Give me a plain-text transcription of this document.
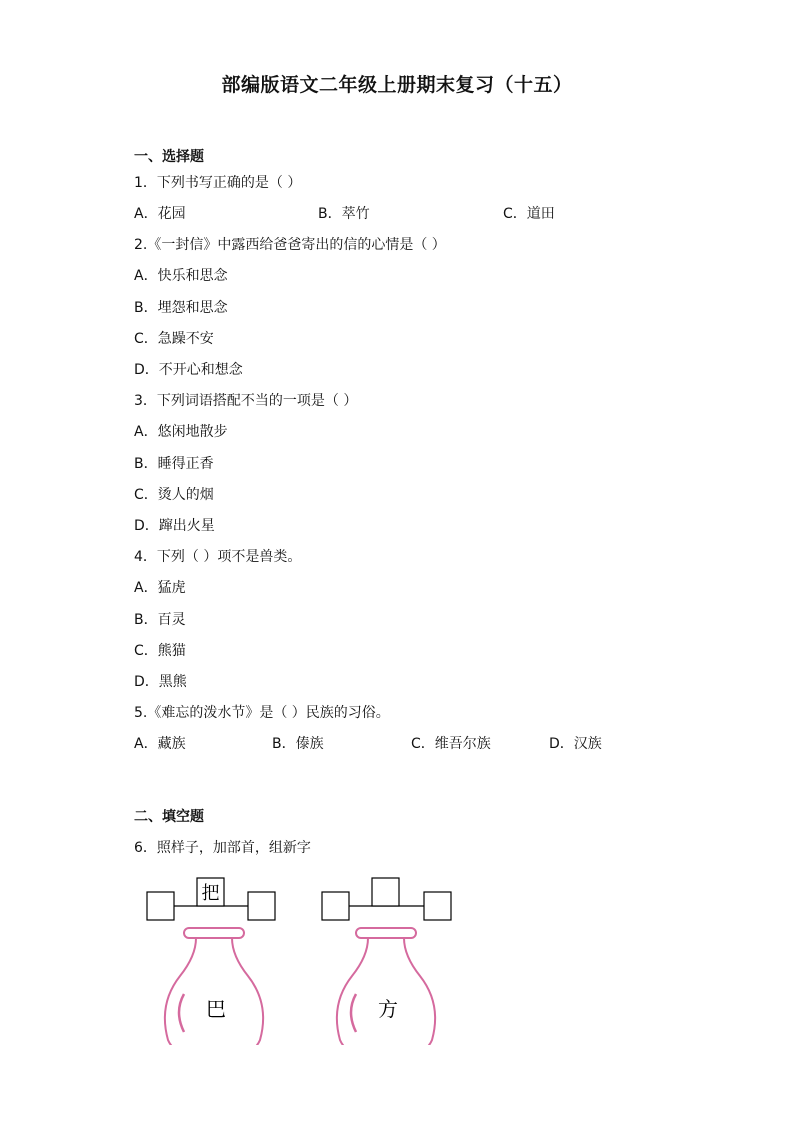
部编版语文二年级上册期末复习（十五）
一、选择题
1．下列书写正确的是（ ）
A．花园	B．萃竹	C．道田
2.《一封信》中露西给爸爸寄出的信的心情是（ ）
A．快乐和思念
B．埋怨和思念
C．急躁不安
D．不开心和想念
3．下列词语搭配不当的一项是（ ）
A．悠闲地散步
B．睡得正香
C．烫人的烟
D．蹿出火星
4．下列（ ）项不是兽类。
A．猛虎
B．百灵
C．熊猫
D．黑熊
5.《难忘的泼水节》是（ ）民族的习俗。
A．藏族	B．傣族	C．维吾尔族	D．汉族
二、填空题
6．照样子，加部首，组新字
把
巴	方
